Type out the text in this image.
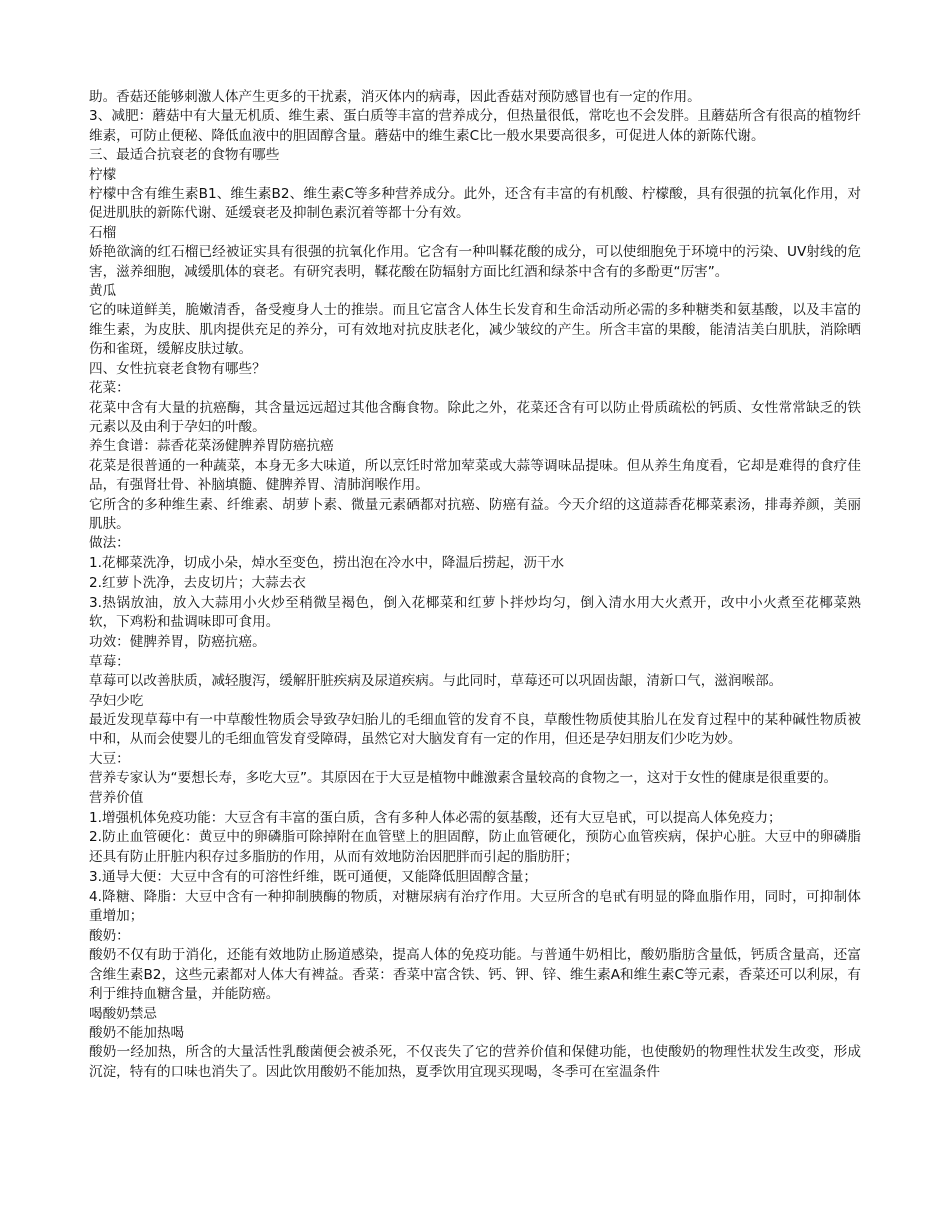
助。香菇还能够刺激人体产生更多的干扰素，消灭体内的病毒，因此香菇对预防感冒也有一定的作用。

3、减肥：蘑菇中有大量无机质、维生素、蛋白质等丰富的营养成分，但热量很低，常吃也不会发胖。且蘑菇所含有很高的植物纤维素，可防止便秘、降低血液中的胆固醇含量。蘑菇中的维生素C比一般水果要高很多，可促进人体的新陈代谢。

三、最适合抗衰老的食物有哪些

柠檬

柠檬中含有维生素B1、维生素B2、维生素C等多种营养成分。此外，还含有丰富的有机酸、柠檬酸，具有很强的抗氧化作用，对促进肌肤的新陈代谢、延缓衰老及抑制色素沉着等都十分有效。

石榴

娇艳欲滴的红石榴已经被证实具有很强的抗氧化作用。它含有一种叫鞣花酸的成分，可以使细胞免于环境中的污染、UV射线的危害，滋养细胞，减缓肌体的衰老。有研究表明，鞣花酸在防辐射方面比红酒和绿茶中含有的多酚更“厉害”。

黄瓜

它的味道鲜美，脆嫩清香，备受瘦身人士的推崇。而且它富含人体生长发育和生命活动所必需的多种糖类和氨基酸，以及丰富的维生素，为皮肤、肌肉提供充足的养分，可有效地对抗皮肤老化，减少皱纹的产生。所含丰富的果酸，能清洁美白肌肤，消除晒伤和雀斑，缓解皮肤过敏。

四、女性抗衰老食物有哪些？

花菜：

花菜中含有大量的抗癌酶，其含量远远超过其他含酶食物。除此之外，花菜还含有可以防止骨质疏松的钙质、女性常常缺乏的铁元素以及由利于孕妇的叶酸。

养生食谱：蒜香花菜汤健脾养胃防癌抗癌

花菜是很普通的一种蔬菜，本身无多大味道，所以烹饪时常加荤菜或大蒜等调味品提味。但从养生角度看，它却是难得的食疗佳品，有强肾壮骨、补脑填髓、健脾养胃、清肺润喉作用。

它所含的多种维生素、纤维素、胡萝卜素、微量元素硒都对抗癌、防癌有益。今天介绍的这道蒜香花椰菜素汤，排毒养颜，美丽肌肤。

做法：

1.花椰菜洗净，切成小朵，焯水至变色，捞出泡在冷水中，降温后捞起，沥干水

2.红萝卜洗净，去皮切片；大蒜去衣

3.热锅放油，放入大蒜用小火炒至稍微呈褐色，倒入花椰菜和红萝卜拌炒均匀，倒入清水用大火煮开，改中小火煮至花椰菜熟软，下鸡粉和盐调味即可食用。

功效：健脾养胃，防癌抗癌。

草莓：

草莓可以改善肤质，减轻腹泻，缓解肝脏疾病及尿道疾病。与此同时，草莓还可以巩固齿龈，清新口气，滋润喉部。

孕妇少吃

最近发现草莓中有一中草酸性物质会导致孕妇胎儿的毛细血管的发育不良，草酸性物质使其胎儿在发育过程中的某种碱性物质被中和，从而会使婴儿的毛细血管发育受障碍，虽然它对大脑发育有一定的作用，但还是孕妇朋友们少吃为妙。

大豆：

营养专家认为“要想长寿，多吃大豆”。其原因在于大豆是植物中雌激素含量较高的食物之一，这对于女性的健康是很重要的。

营养价值

1.增强机体免疫功能：大豆含有丰富的蛋白质，含有多种人体必需的氨基酸，还有大豆皂甙，可以提高人体免疫力；

2.防止血管硬化：黄豆中的卵磷脂可除掉附在血管壁上的胆固醇，防止血管硬化，预防心血管疾病，保护心脏。大豆中的卵磷脂还具有防止肝脏内积存过多脂肪的作用，从而有效地防治因肥胖而引起的脂肪肝；

3.通导大便：大豆中含有的可溶性纤维，既可通便，又能降低胆固醇含量；

4.降糖、降脂：大豆中含有一种抑制胰酶的物质，对糖尿病有治疗作用。大豆所含的皂甙有明显的降血脂作用，同时，可抑制体重增加；

酸奶：

酸奶不仅有助于消化，还能有效地防止肠道感染，提高人体的免疫功能。与普通牛奶相比，酸奶脂肪含量低，钙质含量高，还富含维生素B2，这些元素都对人体大有裨益。香菜：香菜中富含铁、钙、钾、锌、维生素A和维生素C等元素，香菜还可以利尿，有利于维持血糖含量，并能防癌。

喝酸奶禁忌

酸奶不能加热喝

酸奶一经加热，所含的大量活性乳酸菌便会被杀死，不仅丧失了它的营养价值和保健功能，也使酸奶的物理性状发生改变，形成沉淀，特有的口味也消失了。因此饮用酸奶不能加热，夏季饮用宜现买现喝，冬季可在室温条件
